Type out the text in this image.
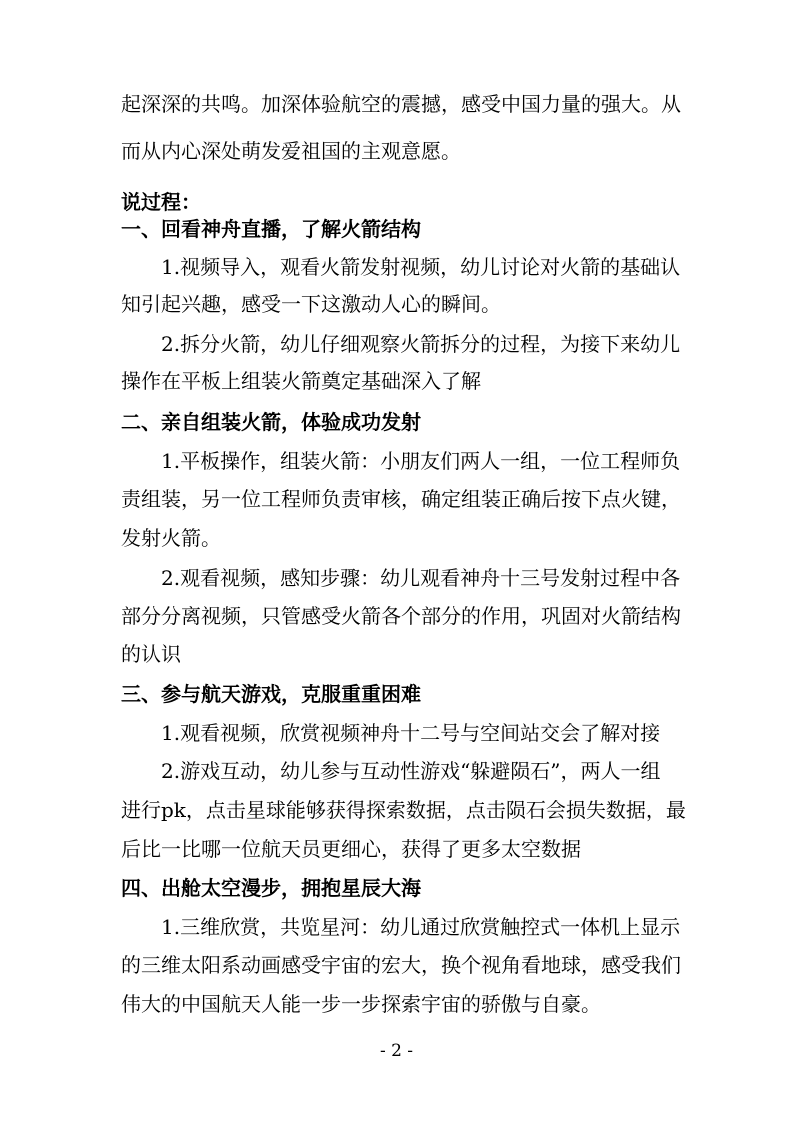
起深深的共鸣。加深体验航空的震撼，感受中国力量的强大。从
而从内心深处萌发爱祖国的主观意愿。
说过程：
一、回看神舟直播，了解火箭结构
1.视频导入，观看火箭发射视频，幼儿讨论对火箭的基础认
知引起兴趣，感受一下这激动人心的瞬间。
2.拆分火箭，幼儿仔细观察火箭拆分的过程，为接下来幼儿
操作在平板上组装火箭奠定基础深入了解
二、亲自组装火箭，体验成功发射
1.平板操作，组装火箭：小朋友们两人一组，一位工程师负
责组装，另一位工程师负责审核，确定组装正确后按下点火键，
发射火箭。
2.观看视频，感知步骤：幼儿观看神舟十三号发射过程中各
部分分离视频，只管感受火箭各个部分的作用，巩固对火箭结构
的认识
三、参与航天游戏，克服重重困难
1.观看视频，欣赏视频神舟十二号与空间站交会了解对接
2.游戏互动，幼儿参与互动性游戏“躲避陨石”，两人一组
进行pk，点击星球能够获得探索数据，点击陨石会损失数据，最
后比一比哪一位航天员更细心，获得了更多太空数据
四、出舱太空漫步，拥抱星辰大海
1.三维欣赏，共览星河：幼儿通过欣赏触控式一体机上显示
的三维太阳系动画感受宇宙的宏大，换个视角看地球，感受我们
伟大的中国航天人能一步一步探索宇宙的骄傲与自豪。
- 2 -
